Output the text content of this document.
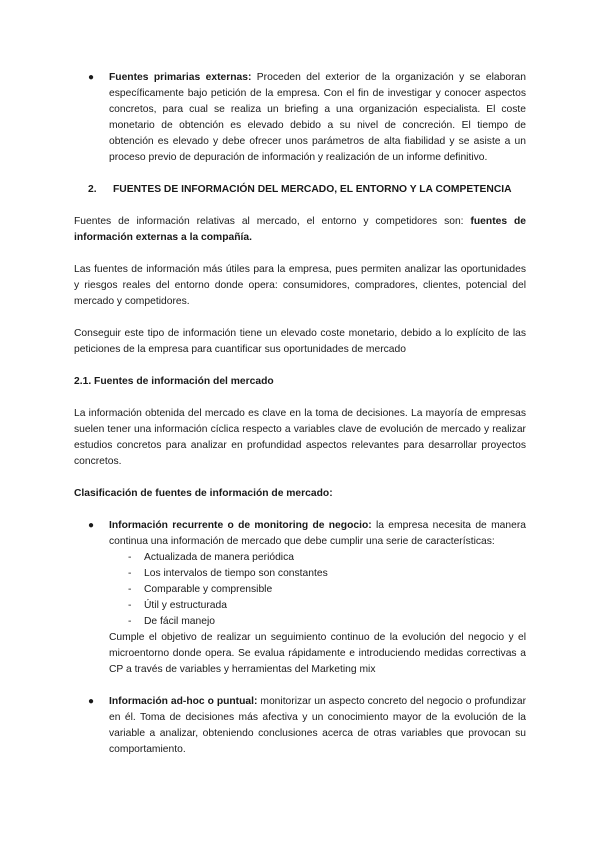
● Fuentes primarias externas: Proceden del exterior de la organización y se elaboran específicamente bajo petición de la empresa. Con el fin de investigar y conocer aspectos concretos, para cual se realiza un briefing a una organización especialista. El coste monetario de obtención es elevado debido a su nivel de concreción. El tiempo de obtención es elevado y debe ofrecer unos parámetros de alta fiabilidad y se asiste a un proceso previo de depuración de información y realización de un informe definitivo.

2. FUENTES DE INFORMACIÓN DEL MERCADO, EL ENTORNO Y LA COMPETENCIA

Fuentes de información relativas al mercado, el entorno y competidores son: fuentes de información externas a la compañía.

Las fuentes de información más útiles para la empresa, pues permiten analizar las oportunidades y riesgos reales del entorno donde opera: consumidores, compradores, clientes, potencial del mercado y competidores.

Conseguir este tipo de información tiene un elevado coste monetario, debido a lo explícito de las peticiones de la empresa para cuantificar sus oportunidades de mercado

2.1. Fuentes de información del mercado

La información obtenida del mercado es clave en la toma de decisiones. La mayoría de empresas suelen tener una información cíclica respecto a variables clave de evolución de mercado y realizar estudios concretos para analizar en profundidad aspectos relevantes para desarrollar proyectos concretos.

Clasificación de fuentes de información de mercado:

● Información recurrente o de monitoring de negocio: la empresa necesita de manera continua una información de mercado que debe cumplir una serie de características:

- Actualizada de manera periódica
- Los intervalos de tiempo son constantes
- Comparable y comprensible
- Útil y estructurada
- De fácil manejo

Cumple el objetivo de realizar un seguimiento continuo de la evolución del negocio y el microentorno donde opera. Se evalua rápidamente e introduciendo medidas correctivas a CP a través de variables y herramientas del Marketing mix

● Información ad-hoc o puntual: monitorizar un aspecto concreto del negocio o profundizar en él. Toma de decisiones más afectiva y un conocimiento mayor de la evolución de la variable a analizar, obteniendo conclusiones acerca de otras variables que provocan su comportamiento.
